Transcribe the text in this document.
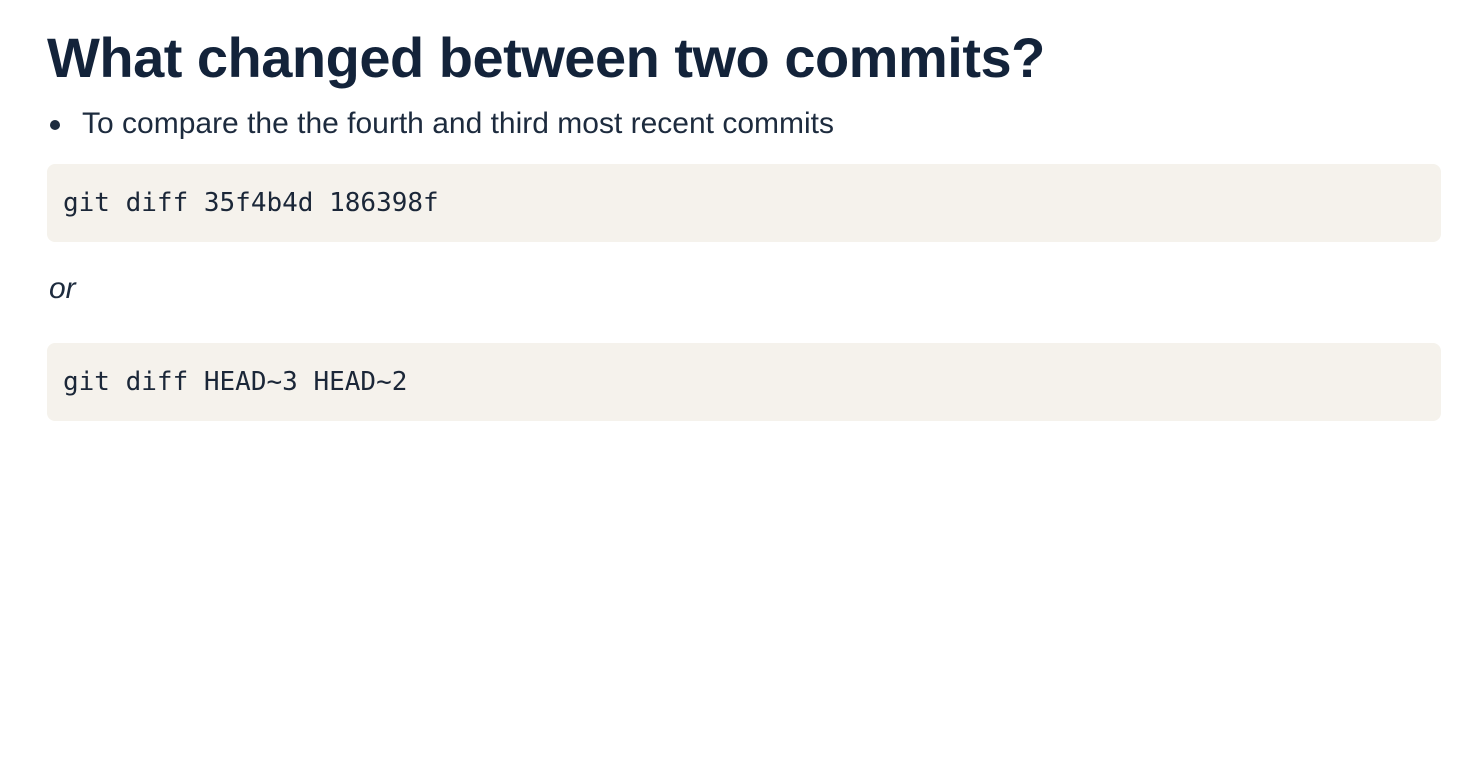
What changed between two commits?
To compare the the fourth and third most recent commits
git diff 35f4b4d 186398f

or

git diff HEAD~3 HEAD~2
